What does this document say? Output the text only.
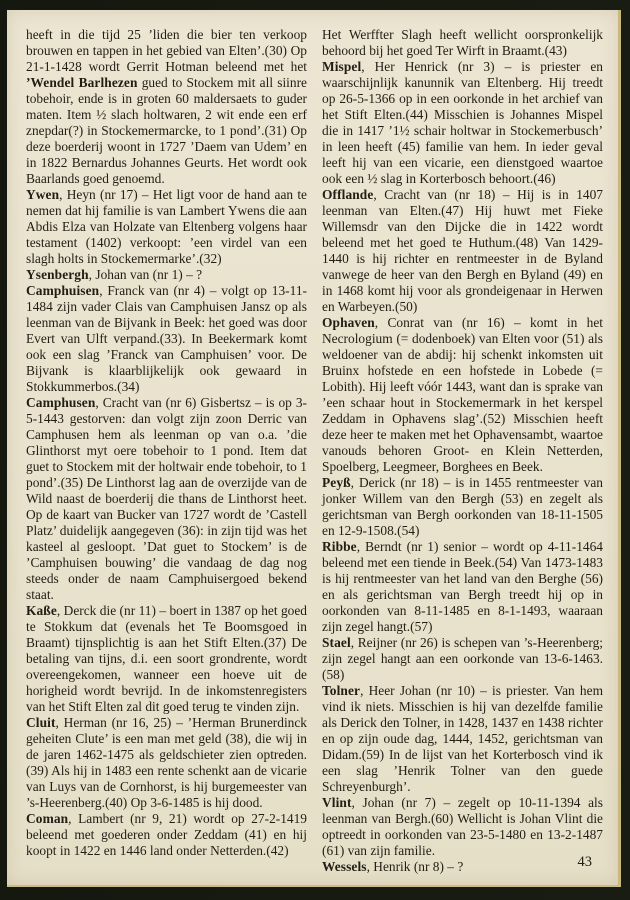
heeft in die tijd 25 ’liden die bier ten verkoop brouwen en tappen in het gebied van Elten’.(30) Op 21-1-1428 wordt Gerrit Hotman beleend met het ’Wendel Barlhezen gued to Stockem mit all siinre tobehoir, ende is in groten 60 maldersaets to guder maten. Item ½ slach holtwaren, 2 wit ende een erf znepdar(?) in Stockemermarcke, to 1 pond’.(31) Op deze boerderij woont in 1727 ’Daem van Udem’ en in 1822 Bernardus Johannes Geurts. Het wordt ook Baarlands goed genoemd.

Ywen, Heyn (nr 17) – Het ligt voor de hand aan te nemen dat hij familie is van Lambert Ywens die aan Abdis Elza van Holzate van Eltenberg volgens haar testament (1402) verkoopt: ’een virdel van een slagh holts in Stockemermarke’.(32)

Ysenbergh, Johan van (nr 1) – ?

Camphuisen, Franck van (nr 4) – volgt op 13-11-1484 zijn vader Clais van Camphuisen Jansz op als leenman van de Bijvank in Beek: het goed was door Evert van Ulft verpand.(33). In Beekermark komt ook een slag ’Franck van Camphuisen’ voor. De Bijvank is klaarblijkelijk ook gewaard in Stokkummerbos.(34)

Camphusen, Cracht van (nr 6) Gisbertsz – is op 3-5-1443 gestorven: dan volgt zijn zoon Derric van Camphusen hem als leenman op van o.a. ’die Glinthorst myt oere tobehoir to 1 pond. Item dat guet to Stockem mit der holtwair ende tobehoir, to 1 pond’.(35) De Linthorst lag aan de overzijde van de Wild naast de boerderij die thans de Linthorst heet. Op de kaart van Bucker van 1727 wordt de ’Castell Platz’ duidelijk aangegeven (36): in zijn tijd was het kasteel al gesloopt. ’Dat guet to Stockem’ is de ’Camphuisen bouwing’ die vandaag de dag nog steeds onder de naam Camphuisergoed bekend staat.

Kaße, Derck die (nr 11) – boert in 1387 op het goed te Stokkum dat (evenals het Te Boomsgoed in Braamt) tijnsplichtig is aan het Stift Elten.(37) De betaling van tijns, d.i. een soort grondrente, wordt overeengekomen, wanneer een hoeve uit de horigheid wordt bevrijd. In de inkomstenregisters van het Stift Elten zal dit goed terug te vinden zijn.

Cluit, Herman (nr 16, 25) – ’Herman Brunerdinck geheiten Clute’ is een man met geld (38), die wij in de jaren 1462-1475 als geldschieter zien optreden.(39) Als hij in 1483 een rente schenkt aan de vicarie van Luys van de Cornhorst, is hij burgemeester van ’s-Heerenberg.(40) Op 3-6-1485 is hij dood.

Coman, Lambert (nr 9, 21) wordt op 27-2-1419 beleend met goederen onder Zeddam (41) en hij koopt in 1422 en 1446 land onder Netterden.(42)

Het Werffter Slagh heeft wellicht oorspronkelijk behoord bij het goed Ter Wirft in Braamt.(43)

Mispel, Her Henrick (nr 3) – is priester en waarschijnlijk kanunnik van Eltenberg. Hij treedt op 26-5-1366 op in een oorkonde in het archief van het Stift Elten.(44) Misschien is Johannes Mispel die in 1417 ’1½ schair holtwar in Stockemerbusch’ in leen heeft (45) familie van hem. In ieder geval leeft hij van een vicarie, een dienstgoed waartoe ook een ½ slag in Korterbosch behoort.(46)

Offlande, Cracht van (nr 18) – Hij is in 1407 leenman van Elten.(47) Hij huwt met Fieke Willemsdr van den Dijcke die in 1422 wordt beleend met het goed te Huthum.(48) Van 1429-1440 is hij richter en rentmeester in de Byland vanwege de heer van den Bergh en Byland (49) en in 1468 komt hij voor als grondeigenaar in Herwen en Warbeyen.(50)

Ophaven, Conrat van (nr 16) – komt in het Necrologium (= dodenboek) van Elten voor (51) als weldoener van de abdij: hij schenkt inkomsten uit Bruinx hofstede en een hofstede in Lobede (= Lobith). Hij leeft vóór 1443, want dan is sprake van ’een schaar hout in Stockemermark in het kerspel Zeddam in Ophavens slag’.(52) Misschien heeft deze heer te maken met het Ophavensambt, waartoe vanouds behoren Groot- en Klein Netterden, Spoelberg, Leegmeer, Borghees en Beek.

Peyß, Derick (nr 18) – is in 1455 rentmeester van jonker Willem van den Bergh (53) en zegelt als gerichtsman van Bergh oorkonden van 18-11-1505 en 12-9-1508.(54)

Ribbe, Berndt (nr 1) senior – wordt op 4-11-1464 beleend met een tiende in Beek.(54) Van 1473-1483 is hij rentmeester van het land van den Berghe (56) en als gerichtsman van Bergh treedt hij op in oorkonden van 8-11-1485 en 8-1-1493, waaraan zijn zegel hangt.(57)

Stael, Reijner (nr 26) is schepen van ’s-Heerenberg; zijn zegel hangt aan een oorkonde van 13-6-1463.(58)

Tolner, Heer Johan (nr 10) – is priester. Van hem vind ik niets. Misschien is hij van dezelfde familie als Derick den Tolner, in 1428, 1437 en 1438 richter en op zijn oude dag, 1444, 1452, gerichtsman van Didam.(59) In de lijst van het Korterbosch vind ik een slag ’Henrik Tolner van den guede Schreyenburgh’.

Vlint, Johan (nr 7) – zegelt op 10-11-1394 als leenman van Bergh.(60) Wellicht is Johan Vlint die optreedt in oorkonden van 23-5-1480 en 13-2-1487 (61) van zijn familie.

Wessels, Henrik (nr 8) – ?	43
